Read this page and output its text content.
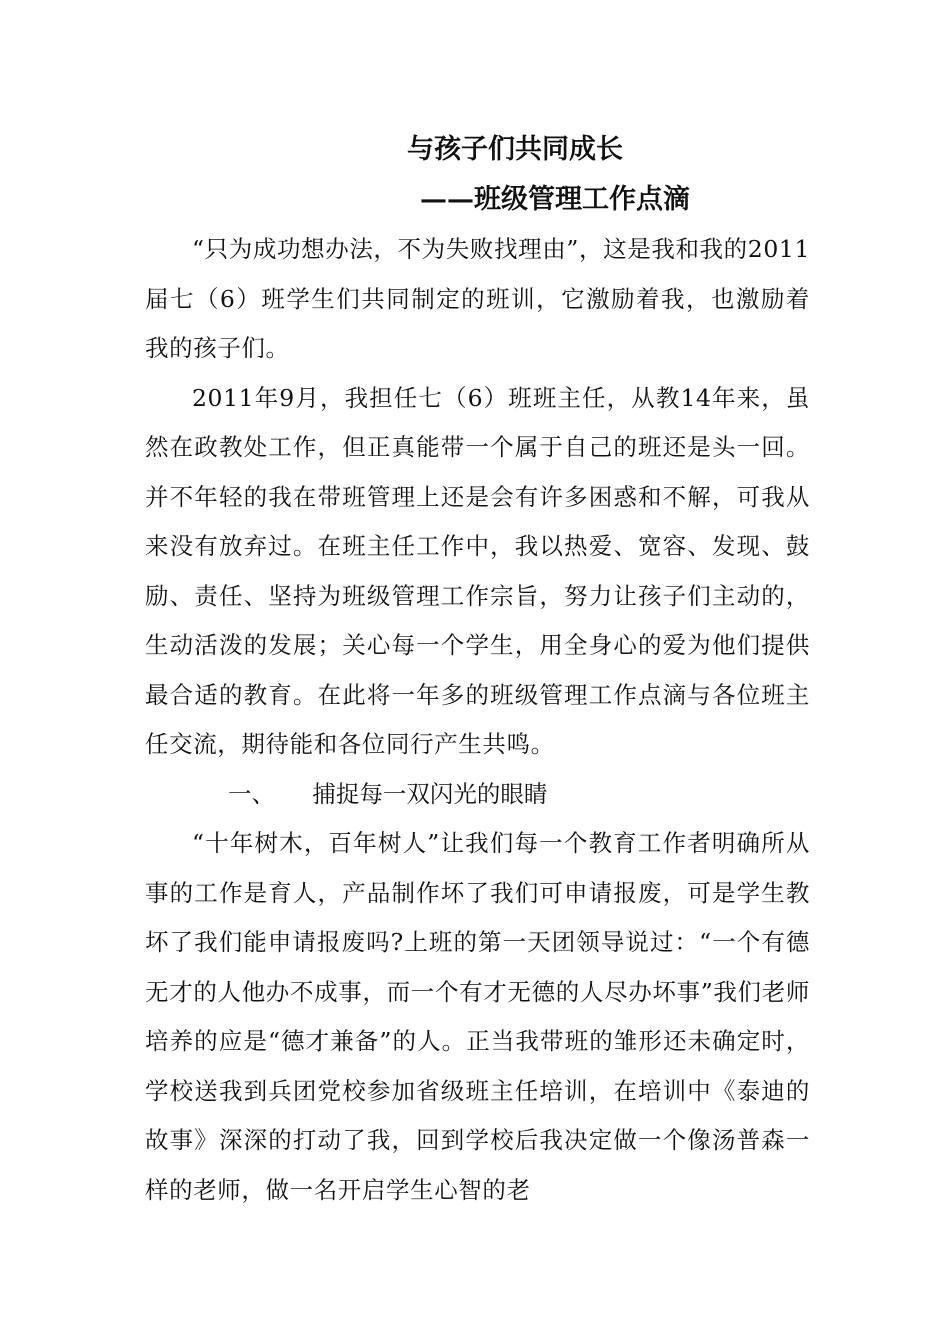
与孩子们共同成长
——班级管理工作点滴

“只为成功想办法，不为失败找理由”，这是我和我的2011届七（6）班学生们共同制定的班训，它激励着我，也激励着我的孩子们。

2011年9月，我担任七（6）班班主任，从教14年来，虽然在政教处工作，但正真能带一个属于自己的班还是头一回。并不年轻的我在带班管理上还是会有许多困惑和不解，可我从来没有放弃过。在班主任工作中，我以热爱、宽容、发现、鼓励、责任、坚持为班级管理工作宗旨，努力让孩子们主动的，生动活泼的发展；关心每一个学生，用全身心的爱为他们提供最合适的教育。在此将一年多的班级管理工作点滴与各位班主任交流，期待能和各位同行产生共鸣。

一、     捕捉每一双闪光的眼睛

“十年树木，百年树人”让我们每一个教育工作者明确所从事的工作是育人，产品制作坏了我们可申请报废，可是学生教坏了我们能申请报废吗?上班的第一天团领导说过：“一个有德无才的人他办不成事，而一个有才无德的人尽办坏事”我们老师培养的应是“德才兼备”的人。正当我带班的雏形还未确定时，学校送我到兵团党校参加省级班主任培训，在培训中《泰迪的故事》深深的打动了我，回到学校后我决定做一个像汤普森一样的老师，做一名开启学生心智的老
